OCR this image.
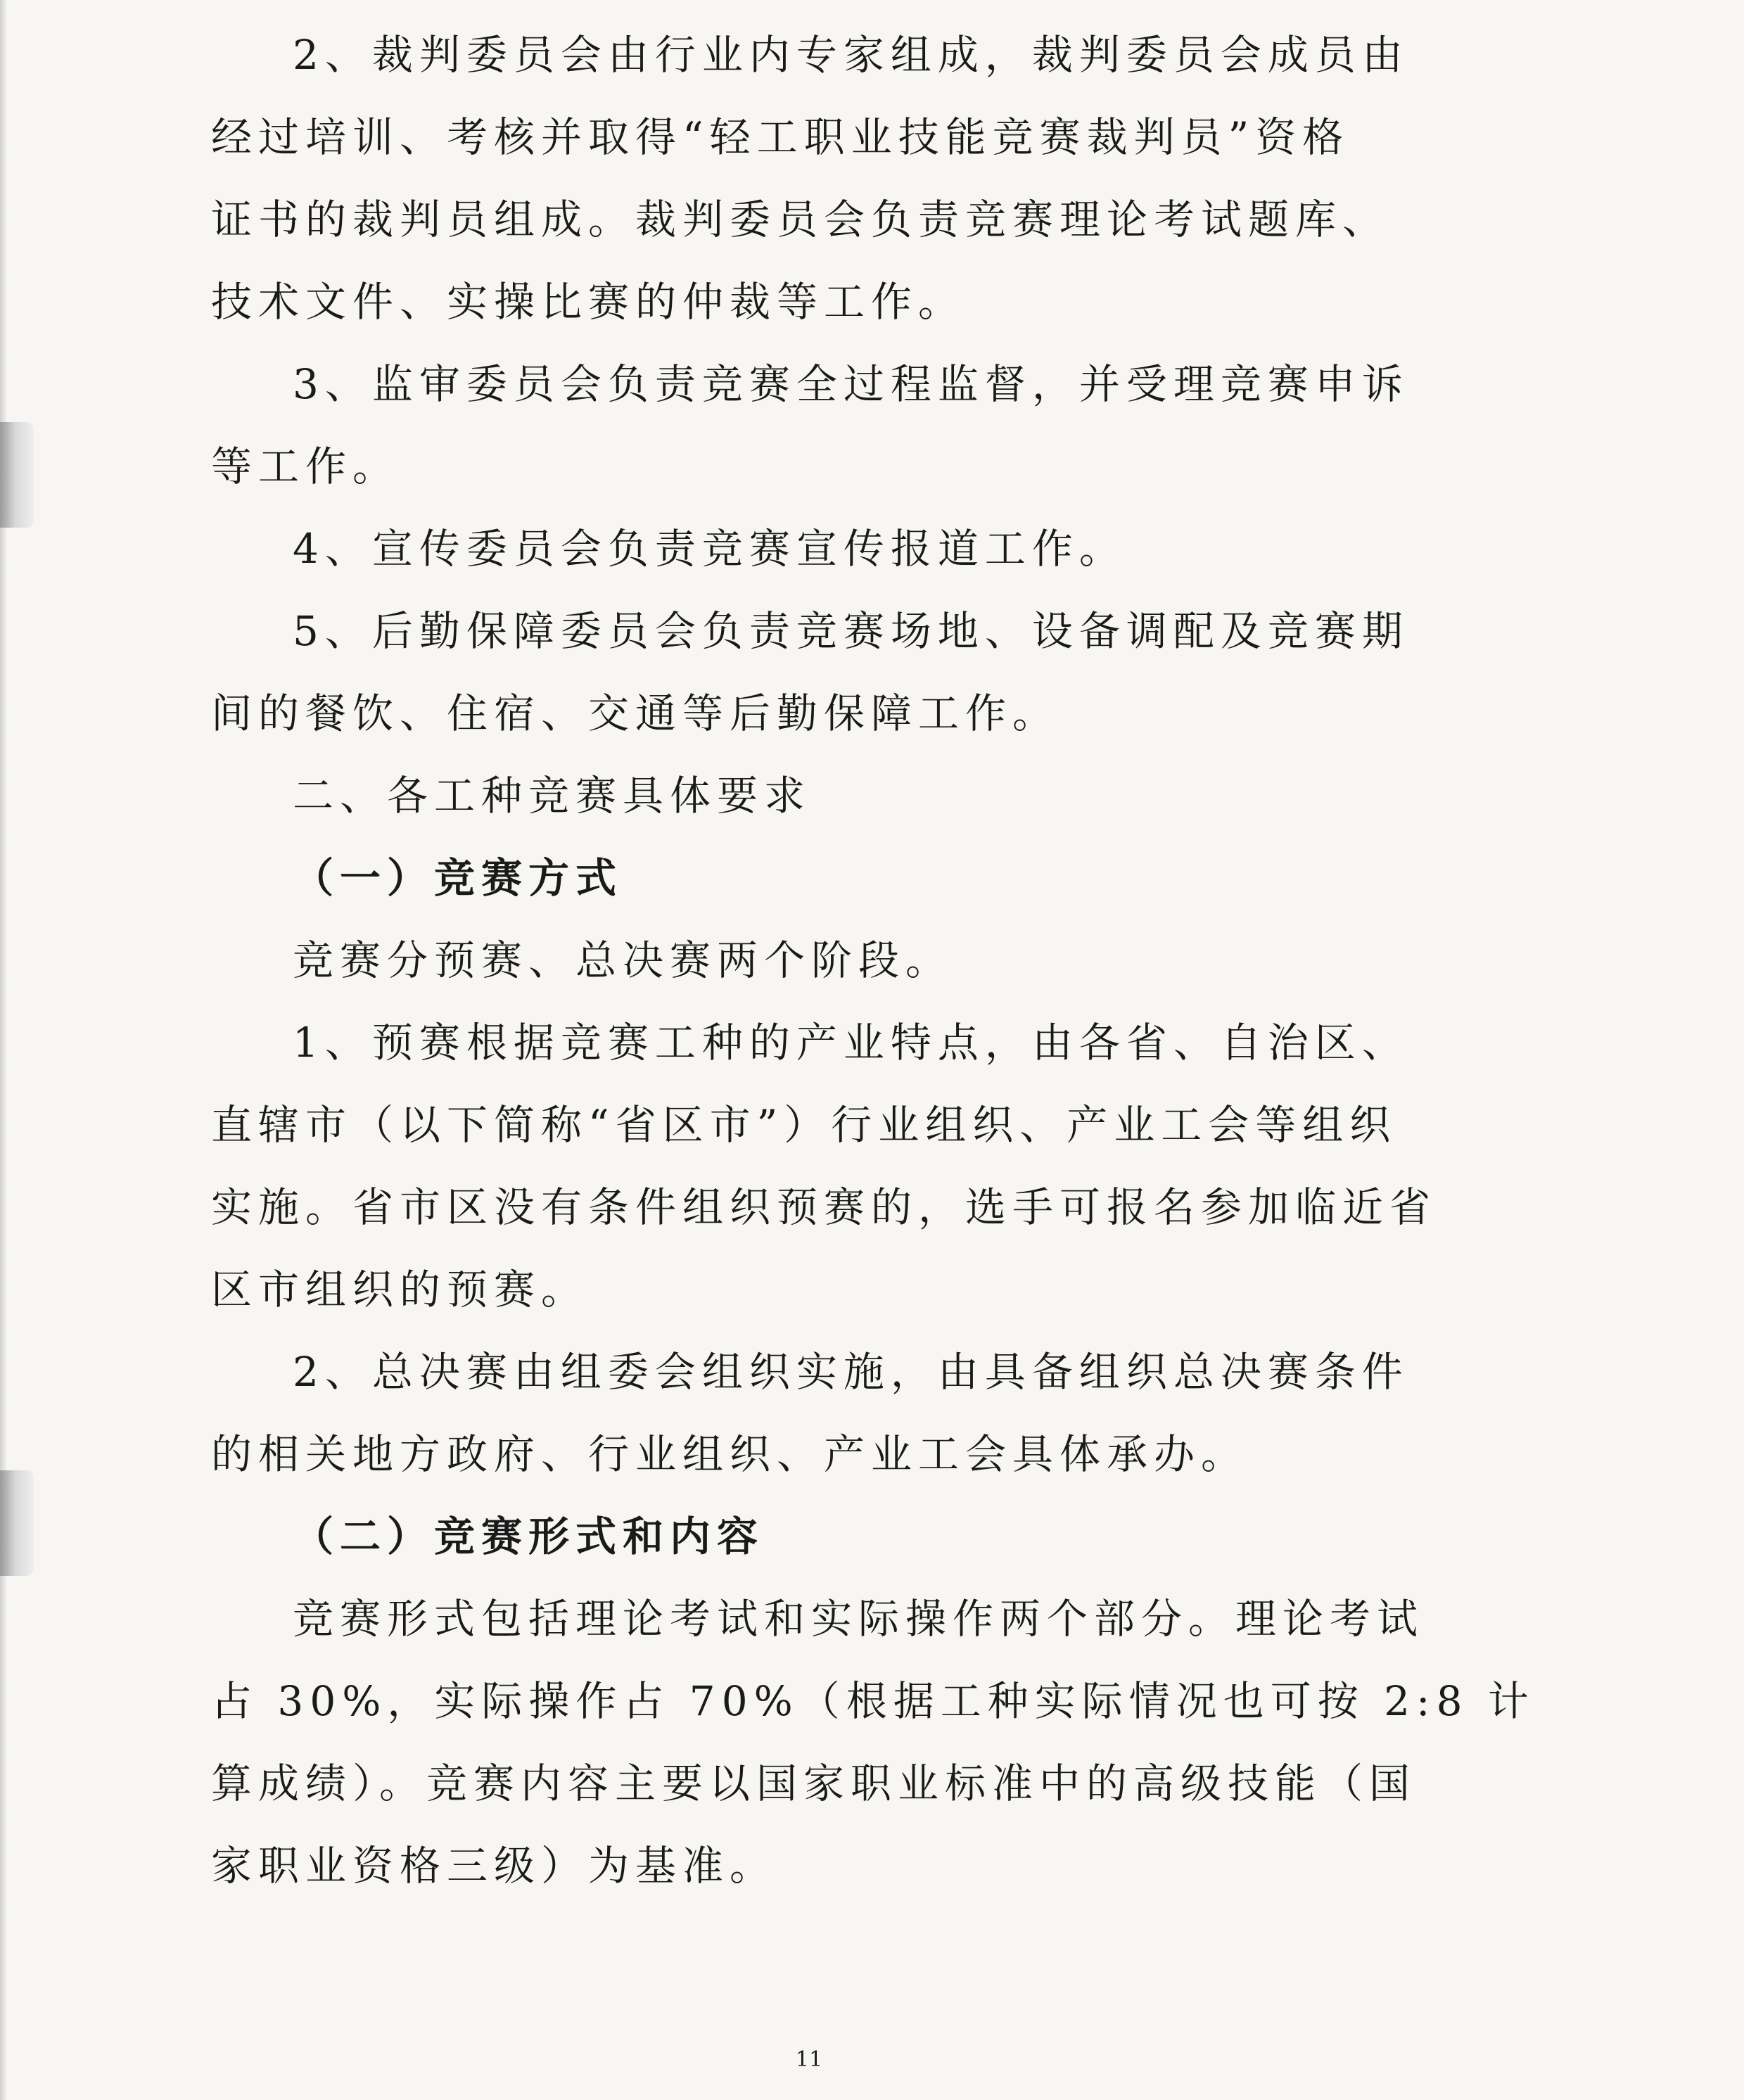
2、裁判委员会由行业内专家组成，裁判委员会成员由
经过培训、考核并取得“轻工职业技能竞赛裁判员”资格
证书的裁判员组成。裁判委员会负责竞赛理论考试题库、
技术文件、实操比赛的仲裁等工作。
3、监审委员会负责竞赛全过程监督，并受理竞赛申诉
等工作。
4、宣传委员会负责竞赛宣传报道工作。
5、后勤保障委员会负责竞赛场地、设备调配及竞赛期
间的餐饮、住宿、交通等后勤保障工作。
二、各工种竞赛具体要求
（一）竞赛方式
竞赛分预赛、总决赛两个阶段。
1、预赛根据竞赛工种的产业特点，由各省、自治区、
直辖市（以下简称“省区市”）行业组织、产业工会等组织
实施。省市区没有条件组织预赛的，选手可报名参加临近省
区市组织的预赛。
2、总决赛由组委会组织实施，由具备组织总决赛条件
的相关地方政府、行业组织、产业工会具体承办。
（二）竞赛形式和内容
竞赛形式包括理论考试和实际操作两个部分。理论考试
占 30%，实际操作占 70%（根据工种实际情况也可按 2:8 计
算成绩）。竞赛内容主要以国家职业标准中的高级技能（国
家职业资格三级）为基准。
11
